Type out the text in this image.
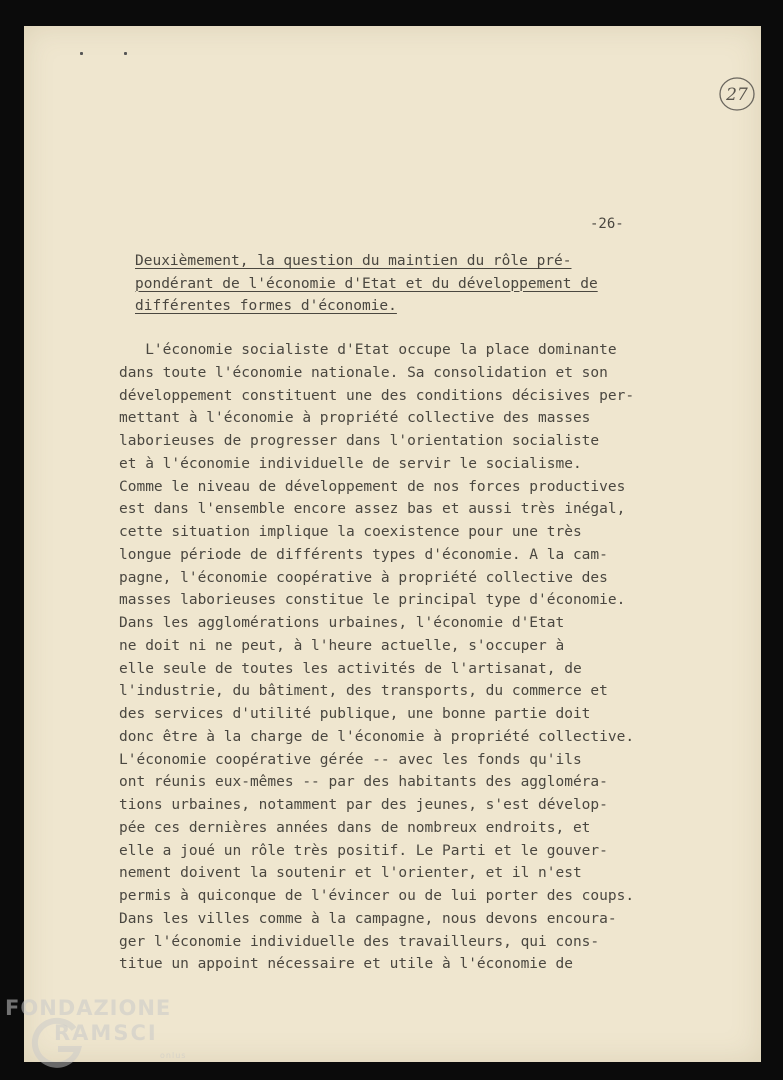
27
-26-
Deuxièmement, la question du maintien du rôle pré-
pondérant de l'économie d'Etat et du développement de
différentes formes d'économie.
L'économie socialiste d'Etat occupe la place dominante
dans toute l'économie nationale. Sa consolidation et son
développement constituent une des conditions décisives per-
mettant à l'économie à propriété collective des masses
laborieuses de progresser dans l'orientation socialiste
et à l'économie individuelle de servir le socialisme.
Comme le niveau de développement de nos forces productives
est dans l'ensemble encore assez bas et aussi très inégal,
cette situation implique la coexistence pour une très
longue période de différents types d'économie. A la cam-
pagne, l'économie coopérative à propriété collective des
masses laborieuses constitue le principal type d'économie.
Dans les agglomérations urbaines, l'économie d'Etat
ne doit ni ne peut, à l'heure actuelle, s'occuper à
elle seule de toutes les activités de l'artisanat, de
l'industrie, du bâtiment, des transports, du commerce et
des services d'utilité publique, une bonne partie doit
donc être à la charge de l'économie à propriété collective.
L'économie coopérative gérée -- avec les fonds qu'ils
ont réunis eux-mêmes -- par des habitants des aggloméra-
tions urbaines, notamment par des jeunes, s'est dévelop-
pée ces dernières années dans de nombreux endroits, et
elle a joué un rôle très positif. Le Parti et le gouver-
nement doivent la soutenir et l'orienter, et il n'est
permis à quiconque de l'évincer ou de lui porter des coups.
Dans les villes comme à la campagne, nous devons encoura-
ger l'économie individuelle des travailleurs, qui cons-
titue un appoint nécessaire et utile à l'économie de
FONDAZIONE
RAMSCI
onlus
